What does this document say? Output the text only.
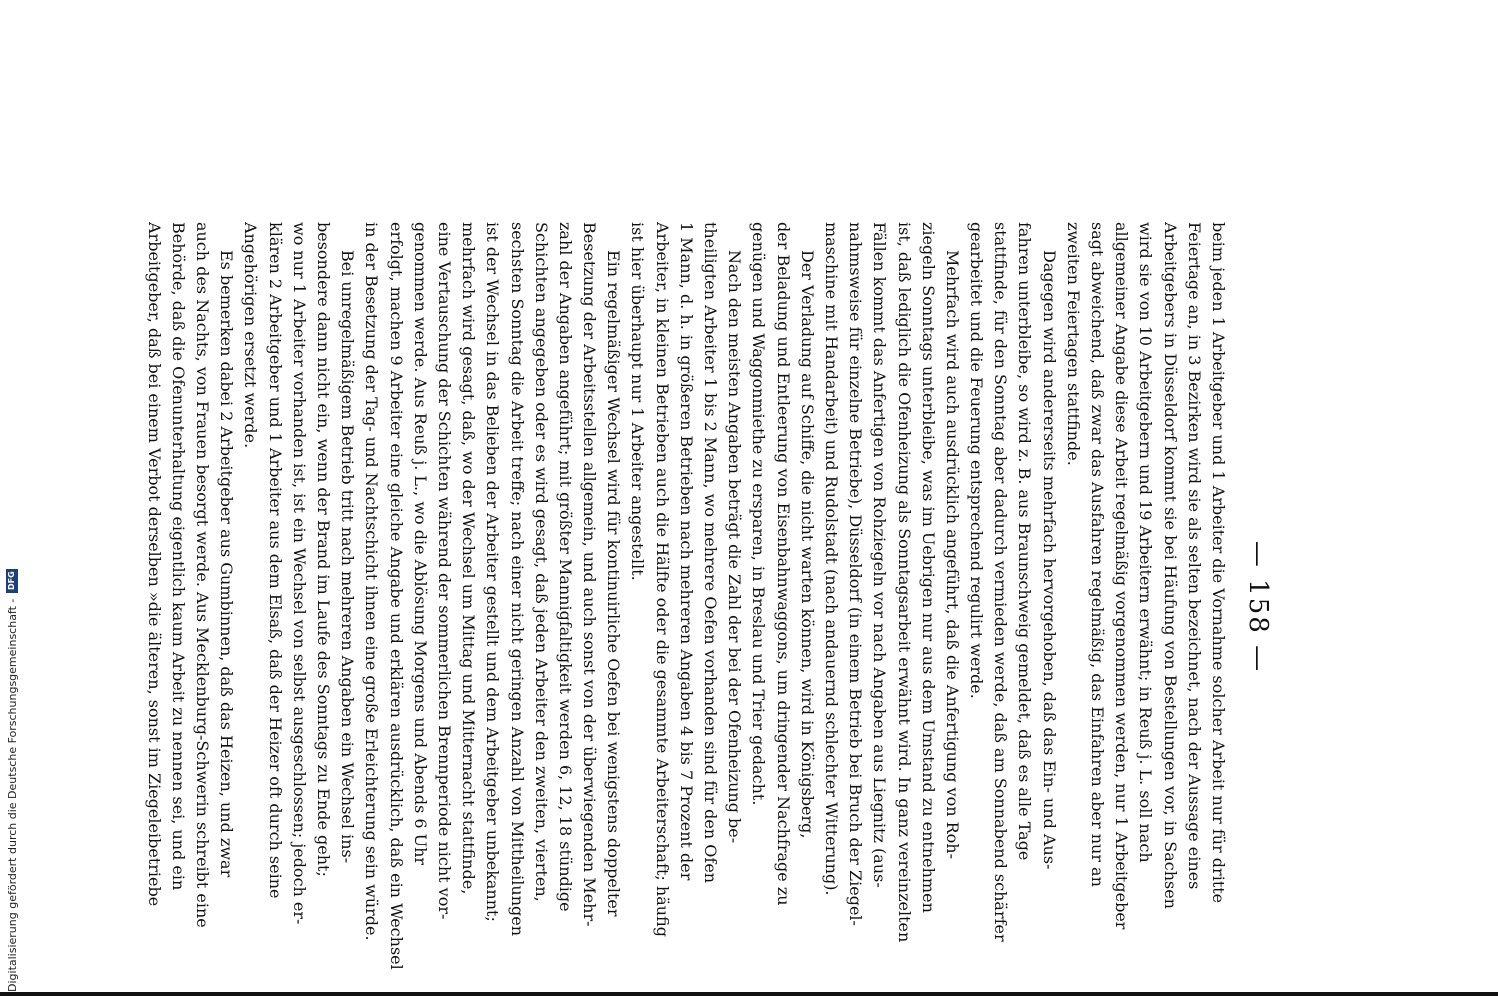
— 158 —
beim jeden 1 Arbeitgeber und 1 Arbeiter die Vornahme solcher Arbeit nur für dritte
Feiertage an, in 3 Bezirken wird sie als selten bezeichnet, nach der Aussage eines
Arbeitgebers in Düsseldorf kommt sie bei Häufung von Bestellungen vor, in Sachsen
wird sie von 10 Arbeitgebern und 19 Arbeitern erwähnt; in Reuß j. L. soll nach
allgemeiner Angabe diese Arbeit regelmäßig vorgenommen werden, nur 1 Arbeitgeber
sagt abweichend, daß zwar das Ausfahren regelmäßig, das Einfahren aber nur an
zweiten Feiertagen stattfinde.
Dagegen wird andererseits mehrfach hervorgehoben, daß das Ein- und Aus-
fahren unterbleibe, so wird z. B. aus Braunschweig gemeldet, daß es alle Tage
stattfinde, für den Sonntag aber dadurch vermieden werde, daß am Sonnabend schärfer
gearbeitet und die Feuerung entsprechend regulirt werde.
Mehrfach wird auch ausdrücklich angeführt, daß die Anfertigung von Roh-
ziegeln Sonntags unterbleibe, was im Uebrigen nur aus dem Umstand zu entnehmen
ist, daß lediglich die Ofenheizung als Sonntagsarbeit erwähnt wird. In ganz vereinzelten
Fällen kommt das Anfertigen von Rohziegeln vor nach Angaben aus Liegnitz (aus-
nahmsweise für einzelne Betriebe), Düsseldorf (in einem Betrieb bei Bruch der Ziegel-
maschine mit Handarbeit) und Rudolstadt (nach andauernd schlechter Witterung).
Der Verladung auf Schiffe, die nicht warten können, wird in Königsberg,
der Beladung und Entleerung von Eisenbahnwaggons, um dringender Nachfrage zu
genügen und Waggonmiethe zu ersparen, in Breslau und Trier gedacht.
Nach den meisten Angaben beträgt die Zahl der bei der Ofenheizung be-
theiligten Arbeiter 1 bis 2 Mann, wo mehrere Oefen vorhanden sind für den Ofen
1 Mann, d. h. in größeren Betrieben nach mehreren Angaben 4 bis 7 Prozent der
Arbeiter, in kleinen Betrieben auch die Hälfte oder die gesammte Arbeiterschaft; häufig
ist hier überhaupt nur 1 Arbeiter angestellt.
Ein regelmäßiger Wechsel wird für kontinuirliche Oefen bei wenigstens doppelter
Besetzung der Arbeitsstellen allgemein, und auch sonst von der überwiegenden Mehr-
zahl der Angaben angeführt; mit größter Mannigfaltigkeit werden 6, 12, 18 stündige
Schichten angegeben oder es wird gesagt, daß jeden Arbeiter den zweiten, vierten,
sechsten Sonntag die Arbeit treffe; nach einer nicht geringen Anzahl von Mittheilungen
ist der Wechsel in das Belieben der Arbeiter gestellt und dem Arbeitgeber unbekannt;
mehrfach wird gesagt, daß, wo der Wechsel um Mittag und Mitternacht stattfinde,
eine Vertauschung der Schichten während der sommerlichen Brennperiode nicht vor-
genommen werde. Aus Reuß j. L., wo die Ablösung Morgens und Abends 6 Uhr
erfolgt, machen 9 Arbeiter eine gleiche Angabe und erklären ausdrücklich, daß ein Wechsel
in der Besetzung der Tag- und Nachtschicht ihnen eine große Erleichterung sein würde.
Bei unregelmäßigem Betrieb tritt nach mehreren Angaben ein Wechsel ins-
besondere dann nicht ein, wenn der Brand im Laufe des Sonntags zu Ende geht;
wo nur 1 Arbeiter vorhanden ist, ist ein Wechsel von selbst ausgeschlossen; jedoch er-
klären 2 Arbeitgeber und 1 Arbeiter aus dem Elsaß, daß der Heizer oft durch seine
Angehörigen ersetzt werde.
Es bemerken dabei 2 Arbeitgeber aus Gumbinnen, daß das Heizen, und zwar
auch des Nachts, von Frauen besorgt werde. Aus Mecklenburg-Schwerin schreibt eine
Behörde, daß die Ofenunterhaltung eigentlich kaum Arbeit zu nennen sei, und ein
Arbeitgeber, daß bei einem Verbot derselben »die älteren, sonst im Ziegeleibetriebe
Digitalisierung gefördert durch die Deutsche Forschungsgemeinschaft -
DFG
